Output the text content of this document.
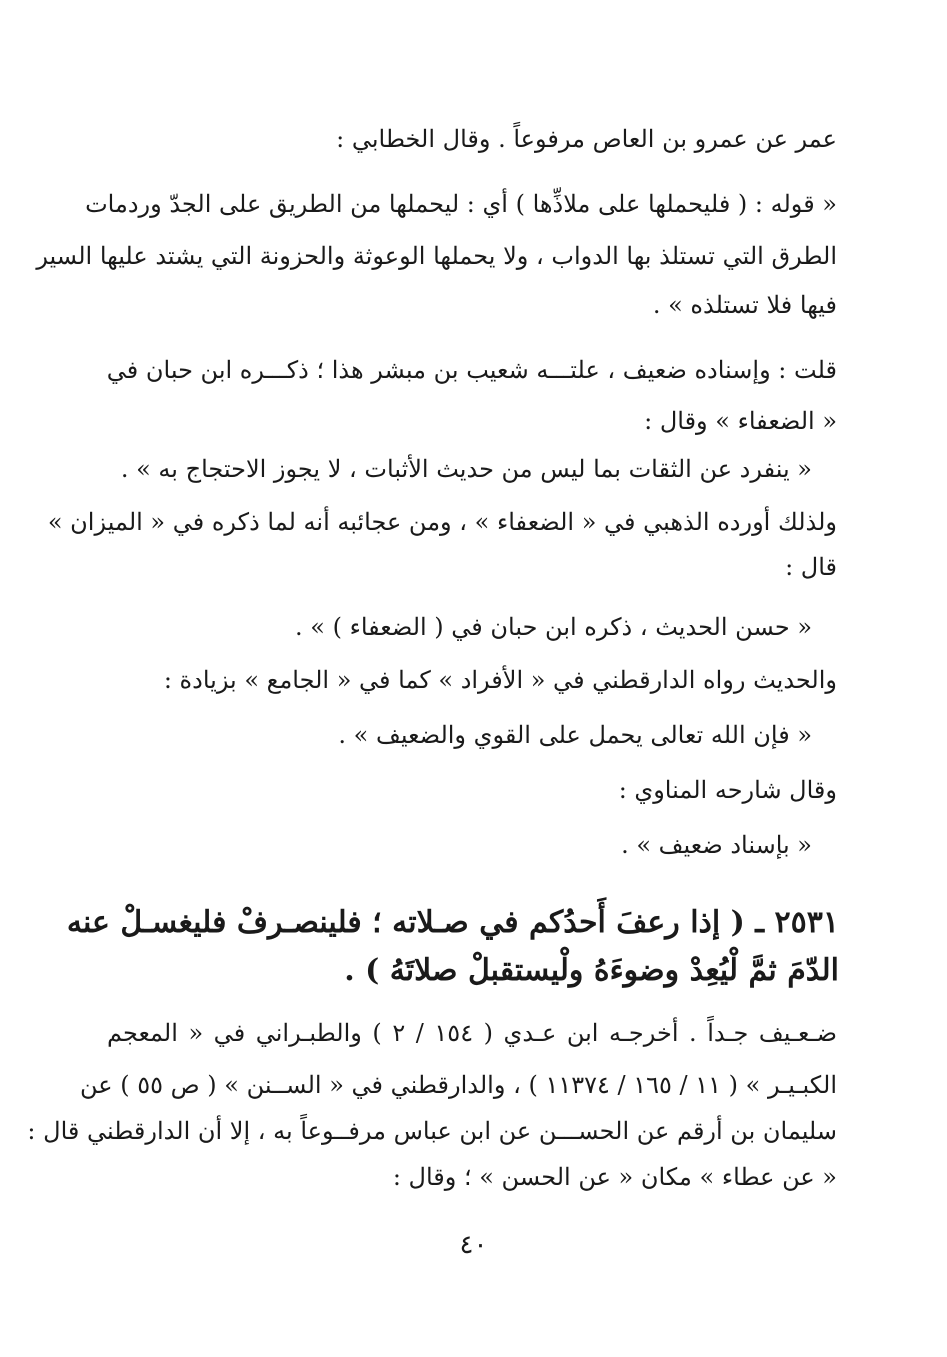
عمر عن عمرو بن العاص مرفوعاً . وقال الخطابي :
« قوله : ( فليحملها على ملاذِّها ) أي : ليحملها من الطريق على الجدّ وردمات
الطرق التي تستلذ بها الدواب ، ولا يحملها الوعوثة والحزونة التي يشتد عليها السير
فيها فلا تستلذه » .
قلت : وإسناده ضعيف ، علتـــه شعيب بن مبشر هذا ؛ ذكـــره ابن حبان في
« الضعفاء » وقال :
« ينفرد عن الثقات بما ليس من حديث الأثبات ، لا يجوز الاحتجاج به » .
ولذلك أورده الذهبي في « الضعفاء » ، ومن عجائبه أنه لما ذكره في « الميزان »
قال :
« حسن الحديث ، ذكره ابن حبان في ( الضعفاء ) » .
والحديث رواه الدارقطني في « الأفراد » كما في « الجامع » بزيادة :
« فإن الله تعالى يحمل على القوي والضعيف » .
وقال شارحه المناوي :
« بإسناد ضعيف » .
٢٥٣١ ـ ( إذا رعفَ أَحدُكم في صـلاته ؛ فلينصـرفْ فليغسـلْ عنه
الدّمَ ثمَّ لْيُعِدْ وضوءَهُ ولْيستقبلْ صلاتَهُ ) .
ضـعـيف جـداً . أخرجـه ابن عـدي ( ١٥٤ / ٢ ) والطبـراني في « المعجم
الكبـيـر » ( ١١ / ١٦٥ / ١١٣٧٤ ) ، والدارقطني في « الســنن » ( ص ٥٥ ) عن
سليمان بن أرقم عن الحســـن عن ابن عباس مرفــوعاً به ، إلا أن الدارقطني قال :
« عن عطاء » مكان « عن الحسن » ؛ وقال :
٤٠
